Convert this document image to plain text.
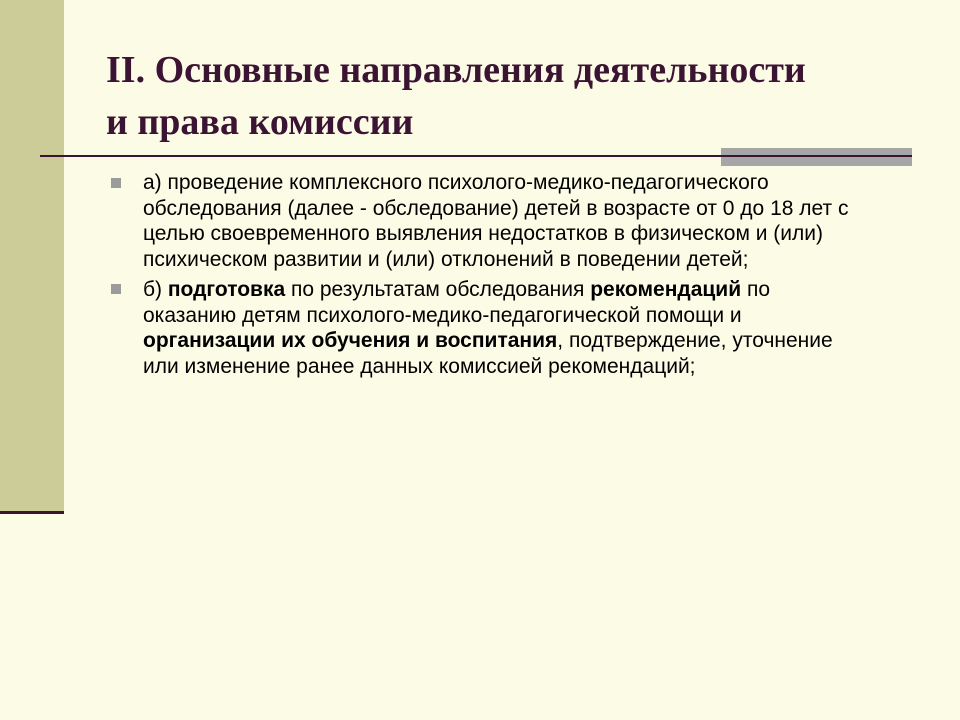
II. Основные направления деятельности
и права комиссии
а) проведение комплексного психолого-медико-педагогического обследования (далее - обследование) детей в возрасте от 0 до 18 лет с целью своевременного выявления недостатков в физическом и (или) психическом развитии и (или) отклонений в поведении детей;
б) подготовка по результатам обследования рекомендаций по оказанию детям психолого-медико-педагогической помощи и организации их обучения и воспитания, подтверждение, уточнение или изменение ранее данных комиссией рекомендаций;
